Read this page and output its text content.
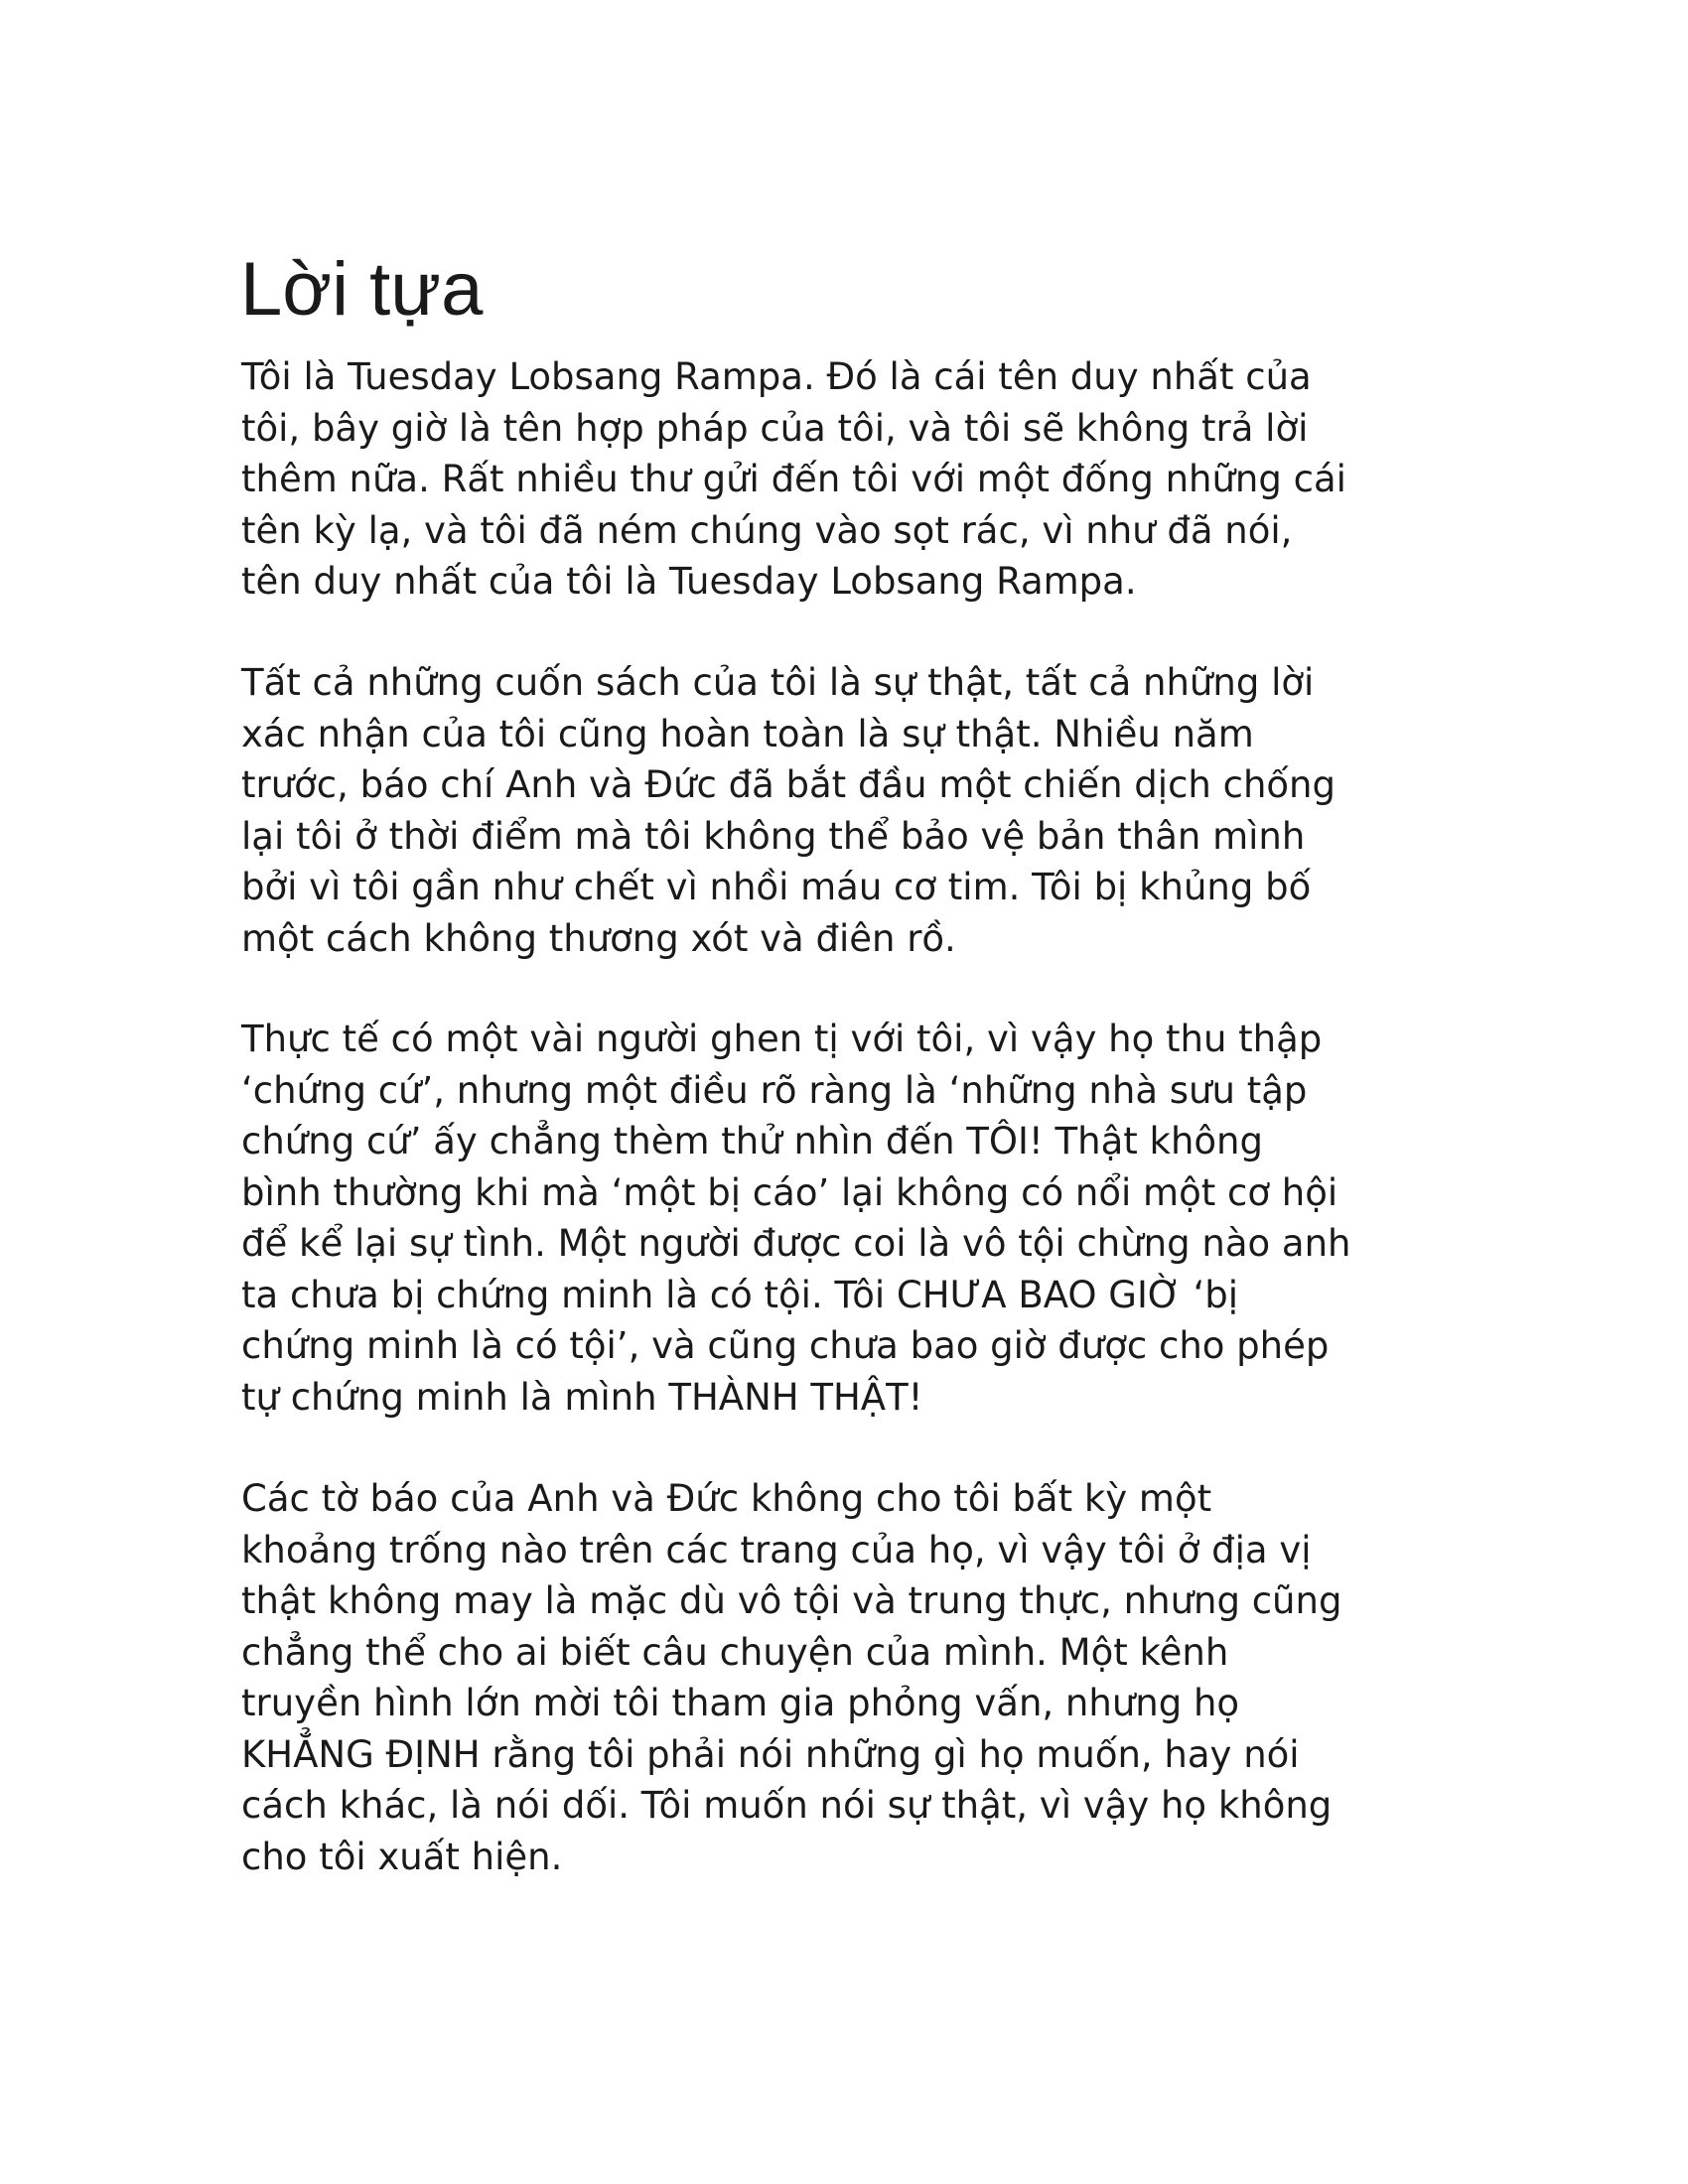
Lời tựa

Tôi là Tuesday Lobsang Rampa. Đó là cái tên duy nhất của
tôi, bây giờ là tên hợp pháp của tôi, và tôi sẽ không trả lời
thêm nữa. Rất nhiều thư gửi đến tôi với một đống những cái
tên kỳ lạ, và tôi đã ném chúng vào sọt rác, vì như đã nói,
tên duy nhất của tôi là Tuesday Lobsang Rampa.

Tất cả những cuốn sách của tôi là sự thật, tất cả những lời
xác nhận của tôi cũng hoàn toàn là sự thật. Nhiều năm
trước, báo chí Anh và Đức đã bắt đầu một chiến dịch chống
lại tôi ở thời điểm mà tôi không thể bảo vệ bản thân mình
bởi vì tôi gần như chết vì nhồi máu cơ tim. Tôi bị khủng bố
một cách không thương xót và điên rồ.

Thực tế có một vài người ghen tị với tôi, vì vậy họ thu thập
‘chứng cứ’, nhưng một điều rõ ràng là ‘những nhà sưu tập
chứng cứ’ ấy chẳng thèm thử nhìn đến TÔI! Thật không
bình thường khi mà ‘một bị cáo’ lại không có nổi một cơ hội
để kể lại sự tình. Một người được coi là vô tội chừng nào anh
ta chưa bị chứng minh là có tội. Tôi CHƯA BAO GIỜ ‘bị
chứng minh là có tội’, và cũng chưa bao giờ được cho phép
tự chứng minh là mình THÀNH THẬT!

Các tờ báo của Anh và Đức không cho tôi bất kỳ một
khoảng trống nào trên các trang của họ, vì vậy tôi ở địa vị
thật không may là mặc dù vô tội và trung thực, nhưng cũng
chẳng thể cho ai biết câu chuyện của mình. Một kênh
truyền hình lớn mời tôi tham gia phỏng vấn, nhưng họ
KHẲNG ĐỊNH rằng tôi phải nói những gì họ muốn, hay nói
cách khác, là nói dối. Tôi muốn nói sự thật, vì vậy họ không
cho tôi xuất hiện.
